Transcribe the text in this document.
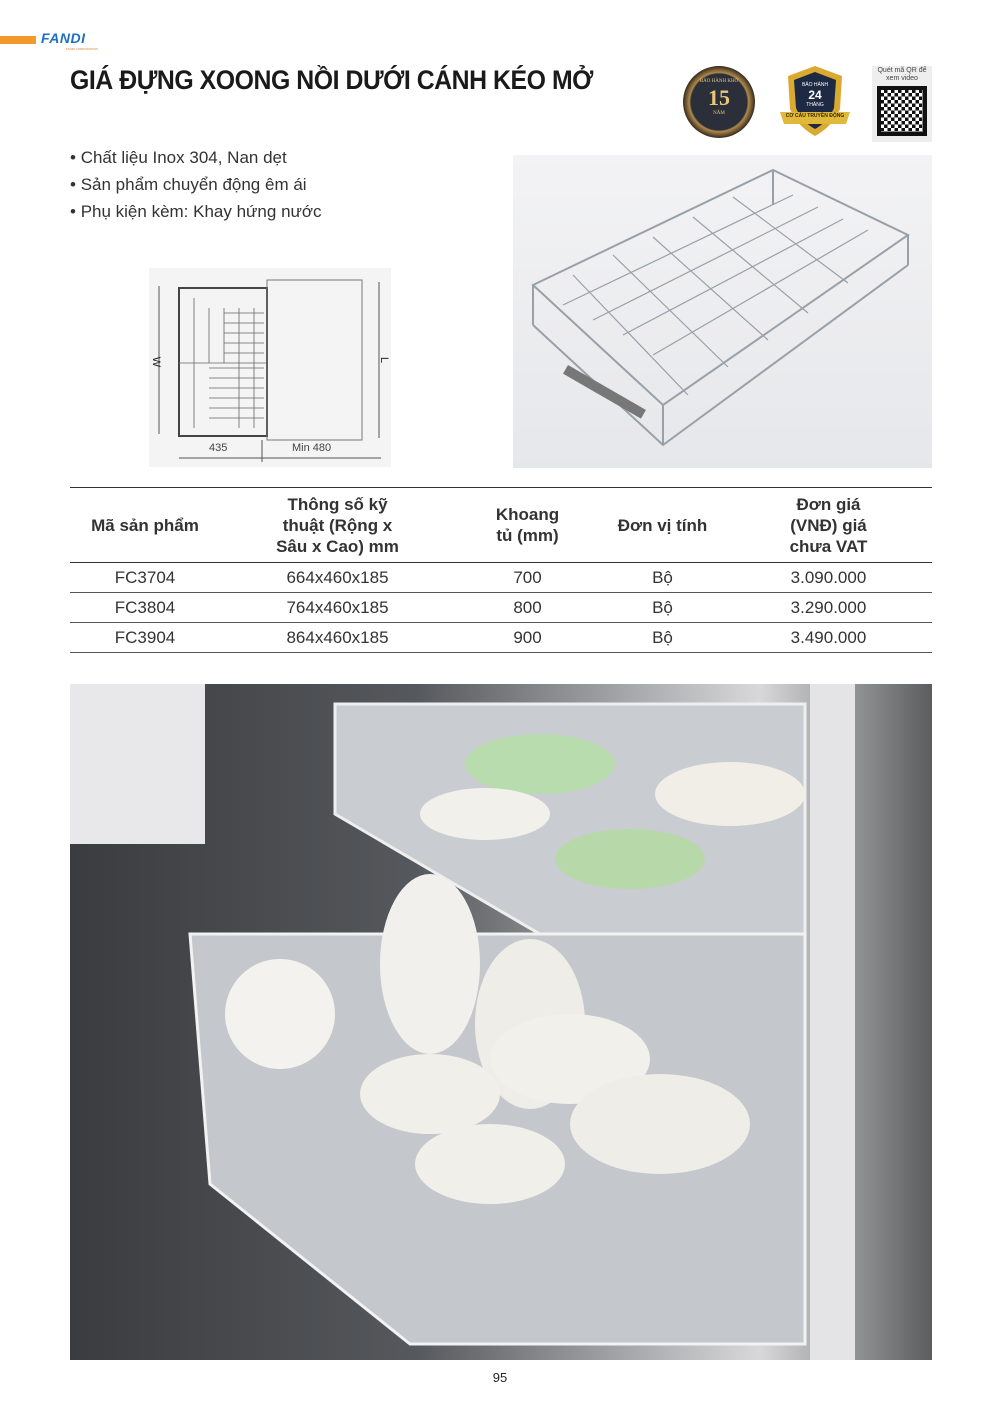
FANDI
FANDI CORPORATION
GIÁ ĐỰNG XOONG NỒI DƯỚI CÁNH KÉO MỞ	BẢO HÀNH KHỚ
15
NĂM
BẢO HÀNH
24
THÁNG
CƠ CẤU TRUYỀN ĐỘNG
Quét mã QR để xem video
• Chất liệu Inox 304, Nan dẹt
• Sản phẩm chuyển động êm ái
• Phụ kiện kèm: Khay hứng nước
W	L
435	Min 480
Mã sản phẩm	Thông số kỹ thuật (Rộng x Sâu x Cao) mm	Khoang tủ (mm)	Đơn vị tính	Đơn giá (VNĐ) giá chưa VAT
FC3704	664x460x185	700	Bộ	3.090.000
FC3804	764x460x185	800	Bộ	3.290.000
FC3904	864x460x185	900	Bộ	3.490.000
95
